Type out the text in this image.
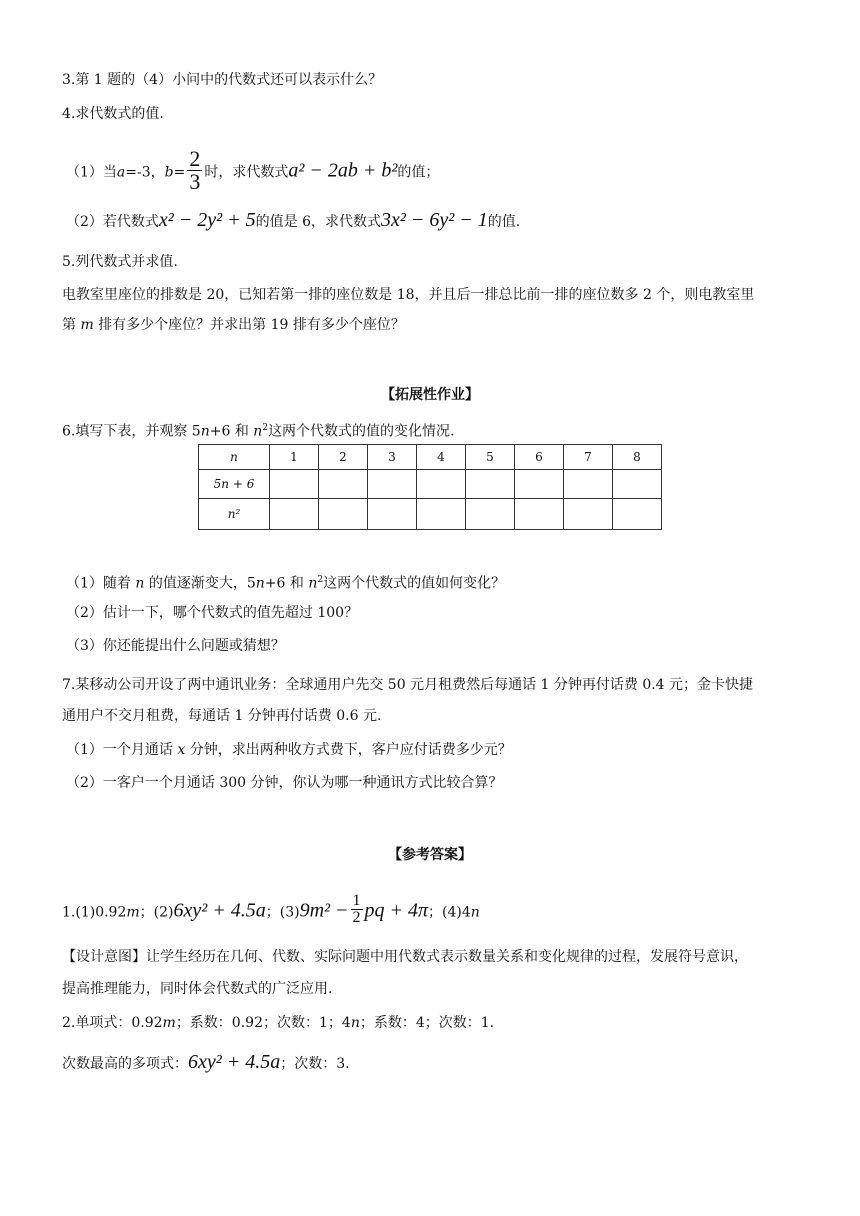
3.第 1 题的（4）小问中的代数式还可以表示什么？
4.求代数式的值.
（1）当a=-3，$b= \frac{2}{3}$ 时，求代数式a² − 2ab + b²的值；
（2）若代数式x² − 2y² + 5的值是 6，求代数式3x² − 6y² − 1的值.
5.列代数式并求值.
电教室里座位的排数是 20，已知若第一排的座位数是 18，并且后一排总比前一排的座位数多 2 个，则电教室里
第 m 排有多少个座位？并求出第 19 排有多少个座位？
【拓展性作业】
6.填写下表，并观察 5n+6 和 $n^2$这两个代数式的值的变化情况.
n	1	2	3	4	5	6	7	8
5n + 6								
n²								
（1）随着 n 的值逐渐变大，5n+6 和 $n^2$这两个代数式的值如何变化？
（2）估计一下，哪个代数式的值先超过 100？
（3）你还能提出什么问题或猜想？
7.某移动公司开设了两中通讯业务：全球通用户先交 50 元月租费然后每通话 1 分钟再付话费 0.4 元；金卡快捷
通用户不交月租费，每通话 1 分钟再付话费 0.6 元.
（1）一个月通话 x 分钟，求出两种收方式费下，客户应付话费多少元？
（2）一客户一个月通话 300 分钟，你认为哪一种通讯方式比较合算？
【参考答案】
1.(1)0.92m；(2)6xy² + 4.5a；$(3)9m^2 - \frac{1}{2}$ pq + 4π；(4)4n
【设计意图】让学生经历在几何、代数、实际问题中用代数式表示数量关系和变化规律的过程，发展符号意识，
提高推理能力，同时体会代数式的广泛应用.
2.单项式：0.92m；系数：0.92；次数：1；4n；系数：4；次数：1.
次数最高的多项式：6xy² + 4.5a；次数：3.
